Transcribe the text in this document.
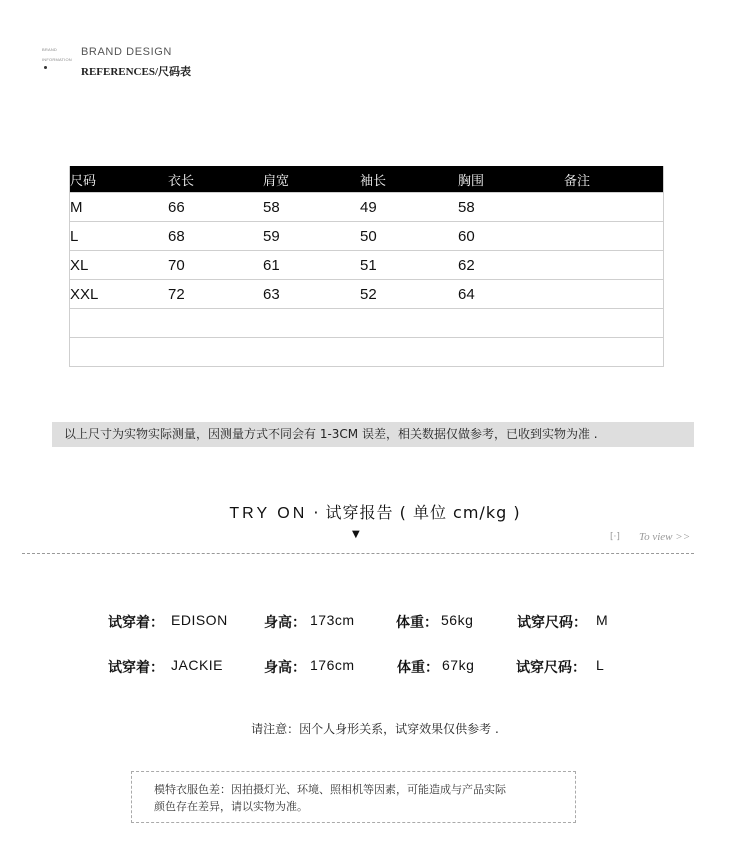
BRAND
INFORMATION
BRAND DESIGN
REFERENCES/尺码表
尺码	衣长	肩宽	袖长	胸围	备注
M	66	58	49	58	
L	68	59	50	60	
XL	70	61	51	62	
XXL	72	63	52	64	

以上尺寸为实物实际测量，因测量方式不同会有 1-3CM 误差，相关数据仅做参考，已收到实物为准 .
TRY ON · 试穿报告 ( 单位 cm/kg )
▼	[·] To view >>
试穿着： EDISON	身高： 173cm	体重： 56kg	试穿尺码： M
试穿着： JACKIE	身高： 176cm	体重： 67kg	试穿尺码： L
请注意：因个人身形关系，试穿效果仅供参考 .
模特衣服色差：因拍摄灯光、环境、照相机等因素，可能造成与产品实际
颜色存在差异，请以实物为准。
